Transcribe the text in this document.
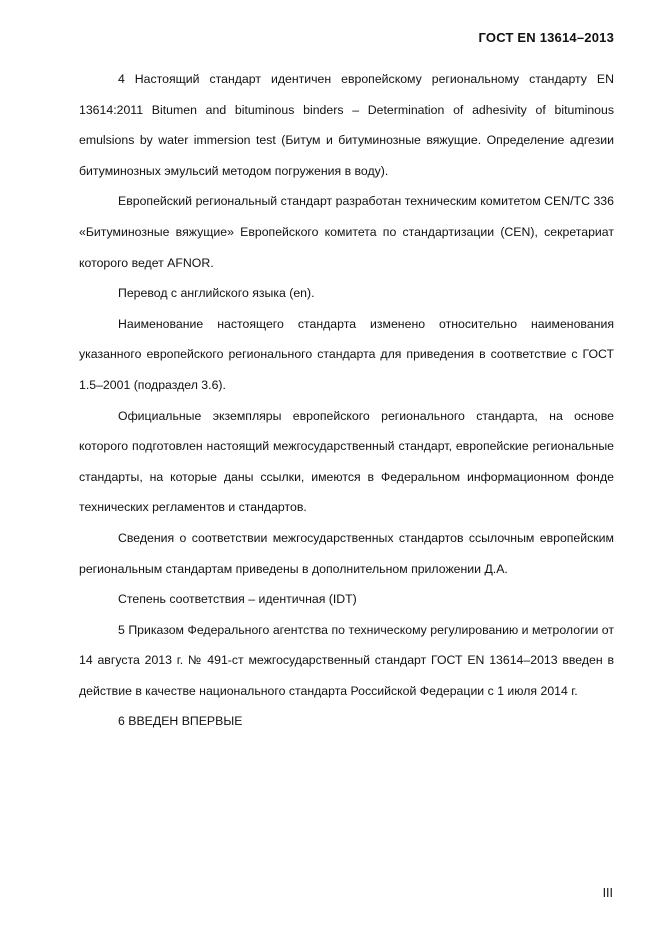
ГОСТ EN 13614–2013

4 Настоящий стандарт идентичен европейскому региональному стандарту EN 13614:2011 Bitumen and bituminous binders – Determination of adhesivity of bituminous emulsions by water immersion test (Битум и битуминозные вяжущие. Определение адгезии битуминозных эмульсий методом погружения в воду).

Европейский региональный стандарт разработан техническим комитетом CEN/TC 336 «Битуминозные вяжущие» Европейского комитета по стандартизации (CEN), секретариат которого ведет AFNOR.

Перевод с английского языка (en).

Наименование настоящего стандарта изменено относительно наименования указанного европейского регионального стандарта для приведения в соответствие с ГОСТ 1.5–2001 (подраздел 3.6).

Официальные экземпляры европейского регионального стандарта, на основе которого подготовлен настоящий межгосударственный стандарт, европейские региональные стандарты, на которые даны ссылки, имеются в Федеральном информационном фонде технических регламентов и стандартов.

Сведения о соответствии межгосударственных стандартов ссылочным европейским региональным стандартам приведены в дополнительном приложении Д.А.

Степень соответствия – идентичная (IDT)

5 Приказом Федерального агентства по техническому регулированию и метрологии от 14 августа 2013 г. № 491-ст межгосударственный стандарт ГОСТ EN 13614–2013 введен в действие в качестве национального стандарта Российской Федерации с 1 июля 2014 г.

6 ВВЕДЕН ВПЕРВЫЕ

III
